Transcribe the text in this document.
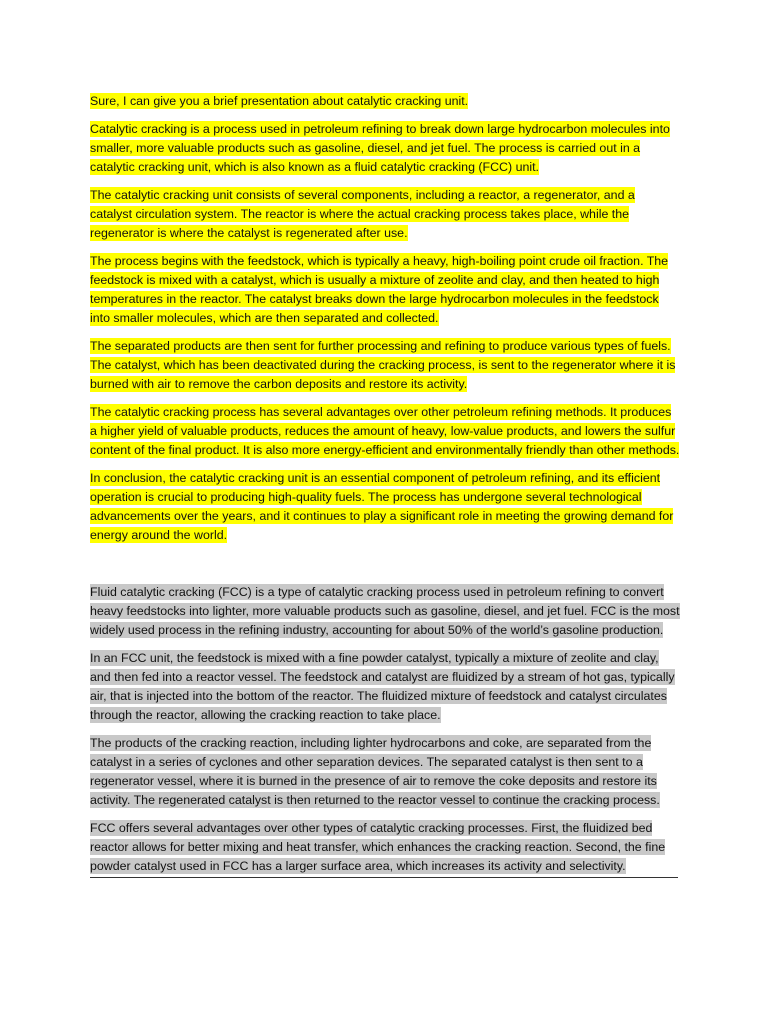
Sure, I can give you a brief presentation about catalytic cracking unit.

Catalytic cracking is a process used in petroleum refining to break down large hydrocarbon molecules into smaller, more valuable products such as gasoline, diesel, and jet fuel. The process is carried out in a catalytic cracking unit, which is also known as a fluid catalytic cracking (FCC) unit.

The catalytic cracking unit consists of several components, including a reactor, a regenerator, and a catalyst circulation system. The reactor is where the actual cracking process takes place, while the regenerator is where the catalyst is regenerated after use.

The process begins with the feedstock, which is typically a heavy, high-boiling point crude oil fraction. The feedstock is mixed with a catalyst, which is usually a mixture of zeolite and clay, and then heated to high temperatures in the reactor. The catalyst breaks down the large hydrocarbon molecules in the feedstock into smaller molecules, which are then separated and collected.

The separated products are then sent for further processing and refining to produce various types of fuels. The catalyst, which has been deactivated during the cracking process, is sent to the regenerator where it is burned with air to remove the carbon deposits and restore its activity.

The catalytic cracking process has several advantages over other petroleum refining methods. It produces a higher yield of valuable products, reduces the amount of heavy, low-value products, and lowers the sulfur content of the final product. It is also more energy-efficient and environmentally friendly than other methods.

In conclusion, the catalytic cracking unit is an essential component of petroleum refining, and its efficient operation is crucial to producing high-quality fuels. The process has undergone several technological advancements over the years, and it continues to play a significant role in meeting the growing demand for energy around the world.

Fluid catalytic cracking (FCC) is a type of catalytic cracking process used in petroleum refining to convert heavy feedstocks into lighter, more valuable products such as gasoline, diesel, and jet fuel. FCC is the most widely used process in the refining industry, accounting for about 50% of the world’s gasoline production.

In an FCC unit, the feedstock is mixed with a fine powder catalyst, typically a mixture of zeolite and clay, and then fed into a reactor vessel. The feedstock and catalyst are fluidized by a stream of hot gas, typically air, that is injected into the bottom of the reactor. The fluidized mixture of feedstock and catalyst circulates through the reactor, allowing the cracking reaction to take place.

The products of the cracking reaction, including lighter hydrocarbons and coke, are separated from the catalyst in a series of cyclones and other separation devices. The separated catalyst is then sent to a regenerator vessel, where it is burned in the presence of air to remove the coke deposits and restore its activity. The regenerated catalyst is then returned to the reactor vessel to continue the cracking process.

FCC offers several advantages over other types of catalytic cracking processes. First, the fluidized bed reactor allows for better mixing and heat transfer, which enhances the cracking reaction. Second, the fine powder catalyst used in FCC has a larger surface area, which increases its activity and selectivity.
